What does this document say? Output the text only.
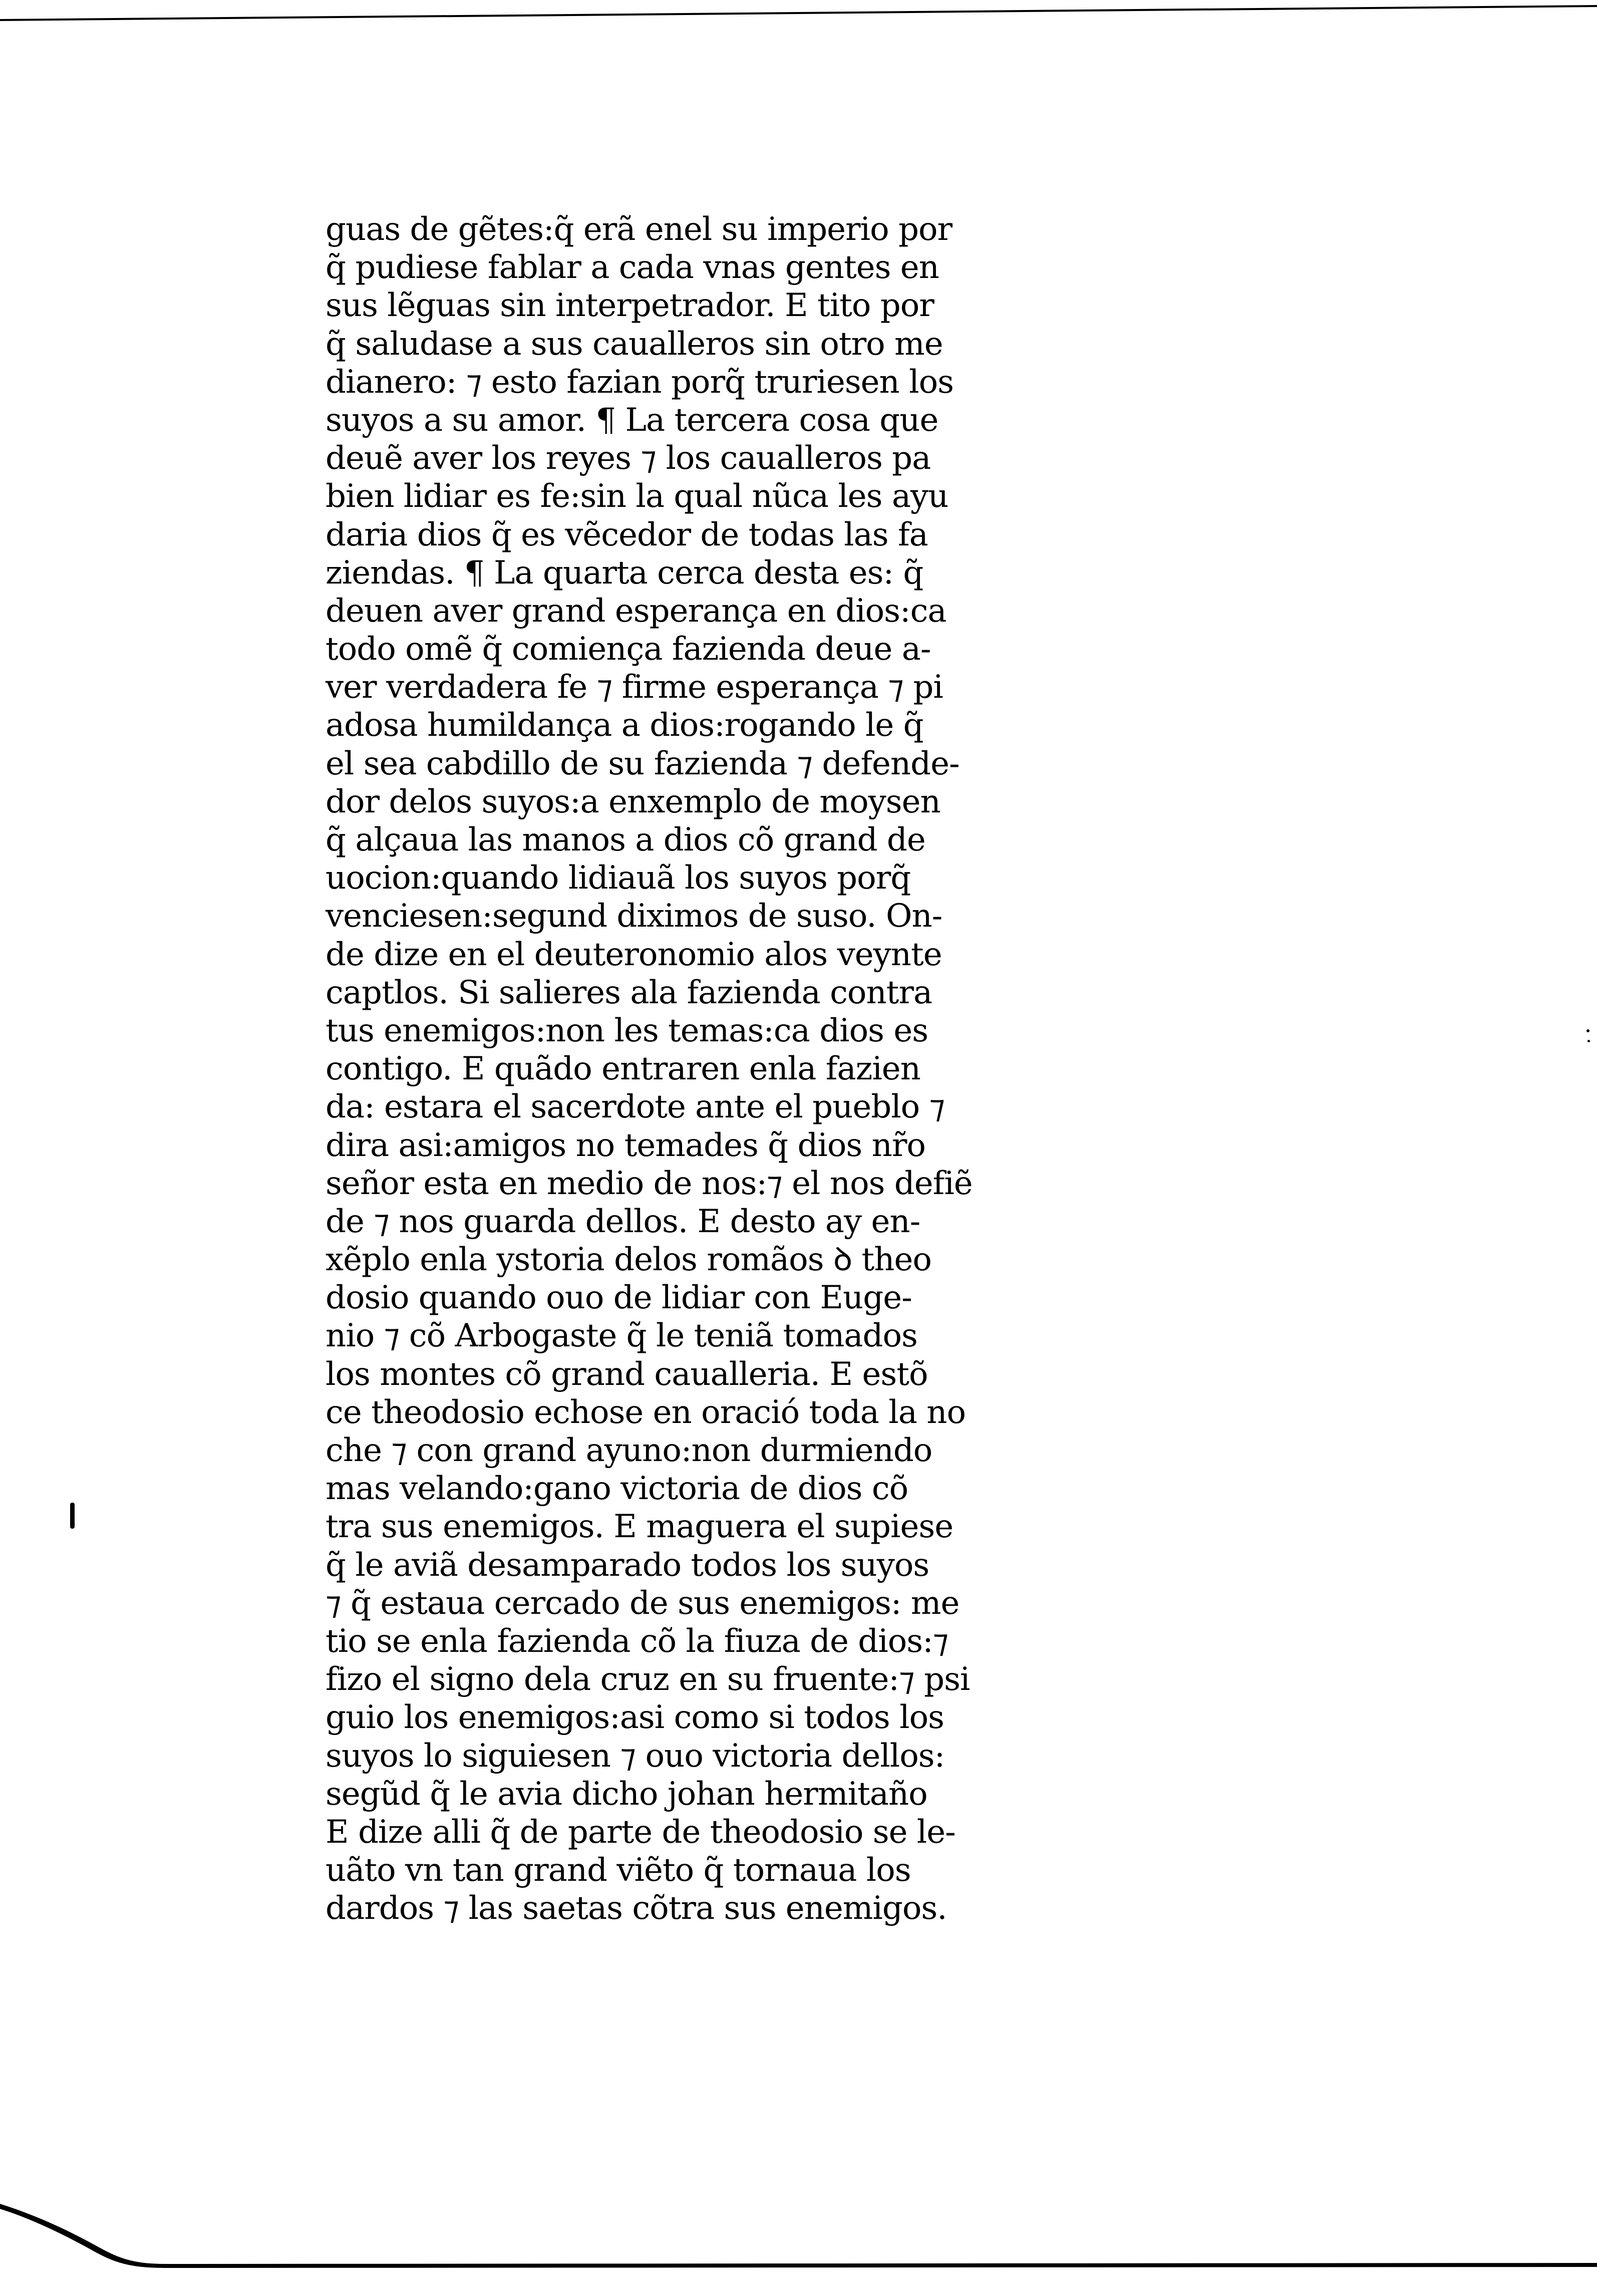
guas de gẽtes:q̃ erã enel su imperio por
q̃ pudiese fablar a cada vnas gentes en
sus lẽguas sin interpetrador. E tito por
q̃ saludase a sus caualleros sin otro me
dianero: ⁊ esto fazian porq̃ truriesen los
suyos a su amor. ¶ La tercera cosa que
deuẽ aver los reyes ⁊ los caualleros pa
bien lidiar es fe:sin la qual nũca les ayu
daria dios q̃ es vẽcedor de todas las fa
ziendas. ¶ La quarta cerca desta es: q̃
deuen aver grand esperança en dios:ca
todo omẽ q̃ comiença fazienda deue a-
ver verdadera fe ⁊ firme esperança ⁊ pi
adosa humildança a dios:rogando le q̃
el sea cabdillo de su fazienda ⁊ defende-
dor delos suyos:a enxemplo de moysen
q̃ alçaua las manos a dios cõ grand de
uocion:quando lidiauã los suyos porq̃
venciesen:segund diximos de suso. On-
de dize en el deuteronomio alos veynte
captlos. Si salieres ala fazienda contra
tus enemigos:non les temas:ca dios es
contigo. E quãdo entraren enla fazien
da: estara el sacerdote ante el pueblo ⁊
dira asi:amigos no temades q̃ dios nr̃o
señor esta en medio de nos:⁊ el nos defiẽ
de ⁊ nos guarda dellos. E desto ay en-
xẽplo enla ystoria delos romãos ꝺ theo
dosio quando ouo de lidiar con Euge-
nio ⁊ cõ Arbogaste q̃ le teniã tomados
los montes cõ grand caualleria. E estõ
ce theodosio echose en oració toda la no
che ⁊ con grand ayuno:non durmiendo
mas velando:gano victoria de dios cõ
tra sus enemigos. E maguera el supiese
q̃ le aviã desamparado todos los suyos
⁊ q̃ estaua cercado de sus enemigos: me
tio se enla fazienda cõ la fiuza de dios:⁊
fizo el signo dela cruz en su fruente:⁊ psi
guio los enemigos:asi como si todos los
suyos lo siguiesen ⁊ ouo victoria dellos:
segũd q̃ le avia dicho johan hermitaño
E dize alli q̃ de parte de theodosio se le-
uãto vn tan grand viẽto q̃ tornaua los
dardos ⁊ las saetas cõtra sus enemigos.
